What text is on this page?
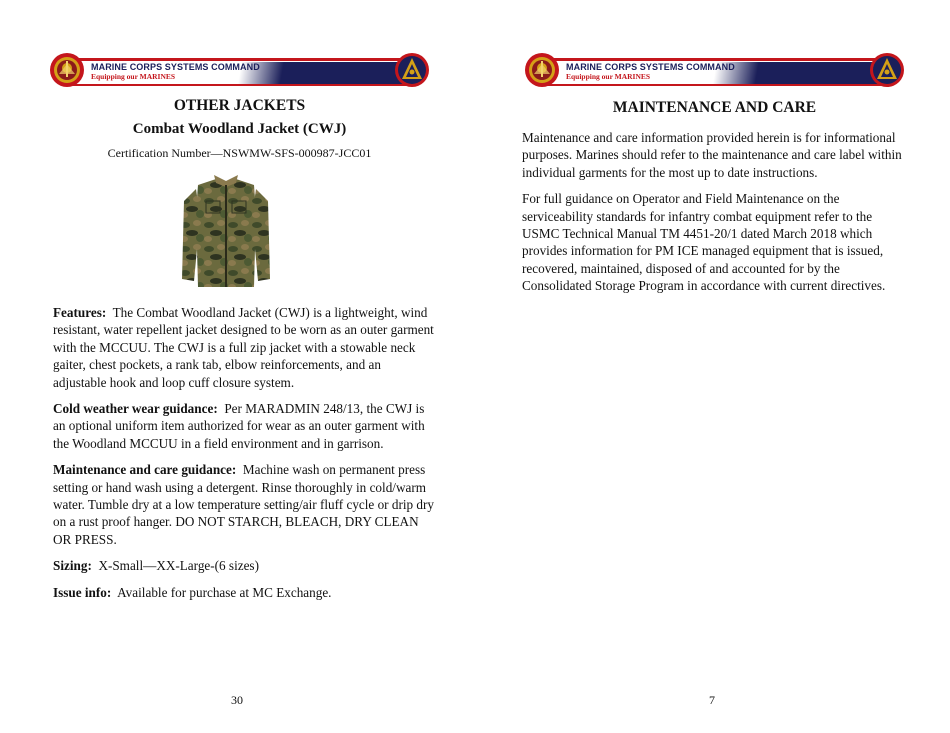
MARINE CORPS SYSTEMS COMMAND
Equipping our MARINES
OTHER JACKETS
Combat Woodland Jacket (CWJ)
Certification Number—NSWMW-SFS-000987-JCC01

Features: The Combat Woodland Jacket (CWJ) is a lightweight, wind resistant, water repellent jacket designed to be worn as an outer garment with the MCCUU. The CWJ is a full zip jacket with a stowable neck gaiter, chest pockets, a rank tab, elbow reinforcements, and an adjustable hook and loop cuff closure system.

Cold weather wear guidance: Per MARADMIN 248/13, the CWJ is an optional uniform item authorized for wear as an outer garment with the Woodland MCCUU in a field environment and in garrison.

Maintenance and care guidance: Machine wash on permanent press setting or hand wash using a detergent. Rinse thoroughly in cold/warm water. Tumble dry at a low temperature setting/air fluff cycle or drip dry on a rust proof hanger. DO NOT STARCH, BLEACH, DRY CLEAN OR PRESS.

Sizing: X-Small—XX-Large-(6 sizes)

Issue info: Available for purchase at MC Exchange.

30
MARINE CORPS SYSTEMS COMMAND
Equipping our MARINES
MAINTENANCE AND CARE

Maintenance and care information provided herein is for informational purposes. Marines should refer to the maintenance and care label within individual garments for the most up to date instructions.

For full guidance on Operator and Field Maintenance on the serviceability standards for infantry combat equipment refer to the USMC Technical Manual TM 4451-20/1 dated March 2018 which provides information for PM ICE managed equipment that is issued, recovered, maintained, disposed of and accounted for by the Consolidated Storage Program in accordance with current directives.

7
